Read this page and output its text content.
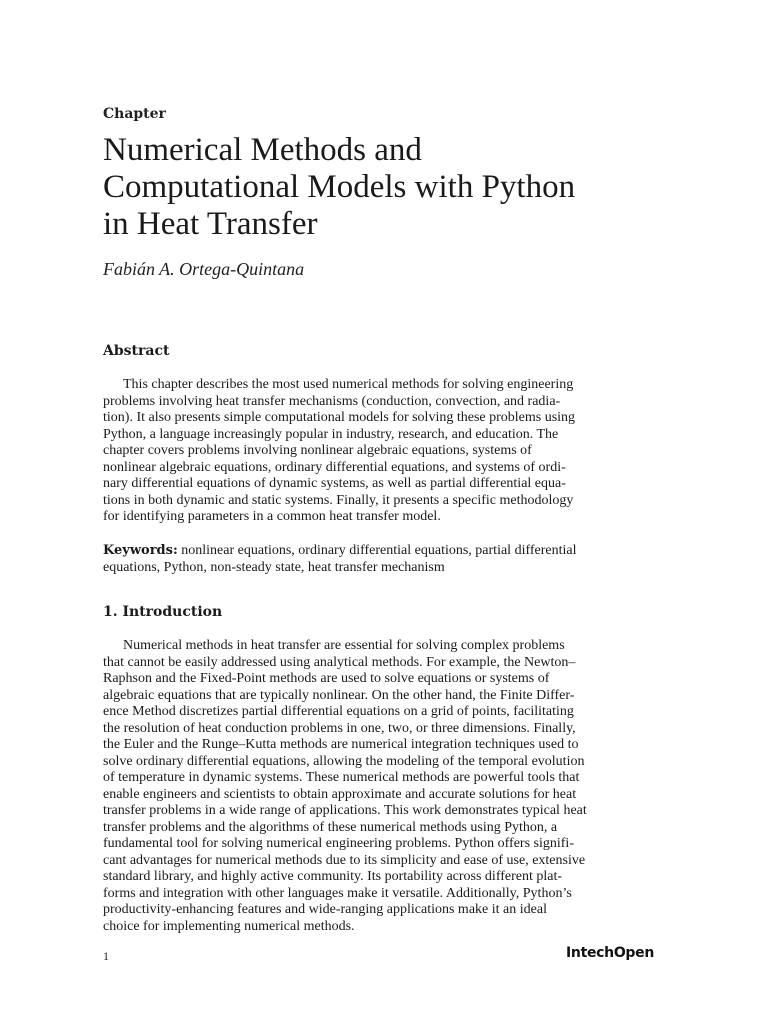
Chapter
Numerical Methods and
Computational Models with Python
in Heat Transfer
Fabián A. Ortega-Quintana
Abstract
This chapter describes the most used numerical methods for solving engineering
problems involving heat transfer mechanisms (conduction, convection, and radia-
tion). It also presents simple computational models for solving these problems using
Python, a language increasingly popular in industry, research, and education. The
chapter covers problems involving nonlinear algebraic equations, systems of
nonlinear algebraic equations, ordinary differential equations, and systems of ordi-
nary differential equations of dynamic systems, as well as partial differential equa-
tions in both dynamic and static systems. Finally, it presents a specific methodology
for identifying parameters in a common heat transfer model.
Keywords: nonlinear equations, ordinary differential equations, partial differential
equations, Python, non-steady state, heat transfer mechanism
1. Introduction
Numerical methods in heat transfer are essential for solving complex problems
that cannot be easily addressed using analytical methods. For example, the Newton–
Raphson and the Fixed-Point methods are used to solve equations or systems of
algebraic equations that are typically nonlinear. On the other hand, the Finite Differ-
ence Method discretizes partial differential equations on a grid of points, facilitating
the resolution of heat conduction problems in one, two, or three dimensions. Finally,
the Euler and the Runge–Kutta methods are numerical integration techniques used to
solve ordinary differential equations, allowing the modeling of the temporal evolution
of temperature in dynamic systems. These numerical methods are powerful tools that
enable engineers and scientists to obtain approximate and accurate solutions for heat
transfer problems in a wide range of applications. This work demonstrates typical heat
transfer problems and the algorithms of these numerical methods using Python, a
fundamental tool for solving numerical engineering problems. Python offers signifi-
cant advantages for numerical methods due to its simplicity and ease of use, extensive
standard library, and highly active community. Its portability across different plat-
forms and integration with other languages make it versatile. Additionally, Python’s
productivity-enhancing features and wide-ranging applications make it an ideal
choice for implementing numerical methods.
1	IntechOpen
